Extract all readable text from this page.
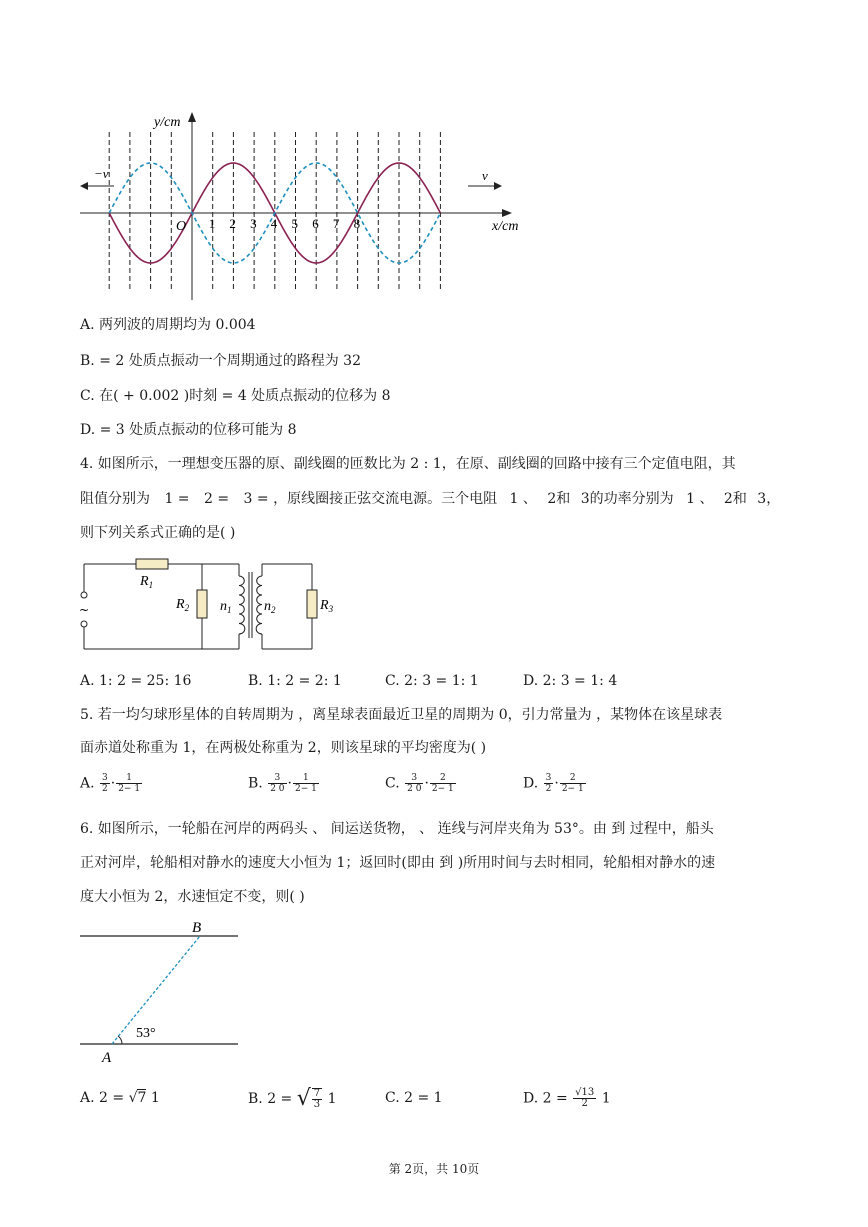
−v	v
y/cm
x/cm
O 1 2 3 4 5 6 7 8
A. 两列波的周期均为 0.004
B. = 2 处质点振动一个周期通过的路程为 32
C. 在( + 0.002 )时刻 = 4 处质点振动的位移为 8
D. = 3 处质点振动的位移可能为 8
4. 如图所示，一理想变压器的原、副线圈的匝数比为 2 : 1，在原、副线圈的回路中接有三个定值电阻，其
阻值分别为 1 = 2 = 3 = ，原线圈接正弦交流电源。三个电阻 1 、 2和 3的功率分别为 1 、 2和 3，
则下列关系式正确的是( )
~
$R_1$
$R_2$	$R_3$
$n_1$ $n_2$
A. 1: 2 = 25: 16	B. 1: 2 = 2: 1	C. 2: 3 = 1: 1	D. 2: 3 = 1: 4
5. 若一均匀球形星体的自转周期为 ，离星球表面最近卫星的周期为 0，引力常量为 ，某物体在该星球表
面赤道处称重为 1，在两极处称重为 2，则该星球的平均密度为( )
A. $\frac{3}{2} \cdot \frac{1}{2- 1}$	B. $\frac{3}{2 0} \cdot \frac{1}{2- 1}$	C. $\frac{3}{2 0} \cdot \frac{2}{2- 1}$	D. $\frac{3}{2} \cdot \frac{2}{2- 1}$
6. 如图所示，一轮船在河岸的两码头 、 间运送货物， 、 连线与河岸夹角为 53°。由 到 过程中，船头
正对河岸，轮船相对静水的速度大小恒为 1；返回时(即由 到 )所用时间与去时相同，轮船相对静水的速
度大小恒为 2，水速恒定不变，则( )
B
A
53°
A. 2 = √7 1	B. 2 = √ $\frac{7}{3} 1$	C. 2 = 1	D. $2 = \frac{√13}{2} 1$
第 2页，共 10页
